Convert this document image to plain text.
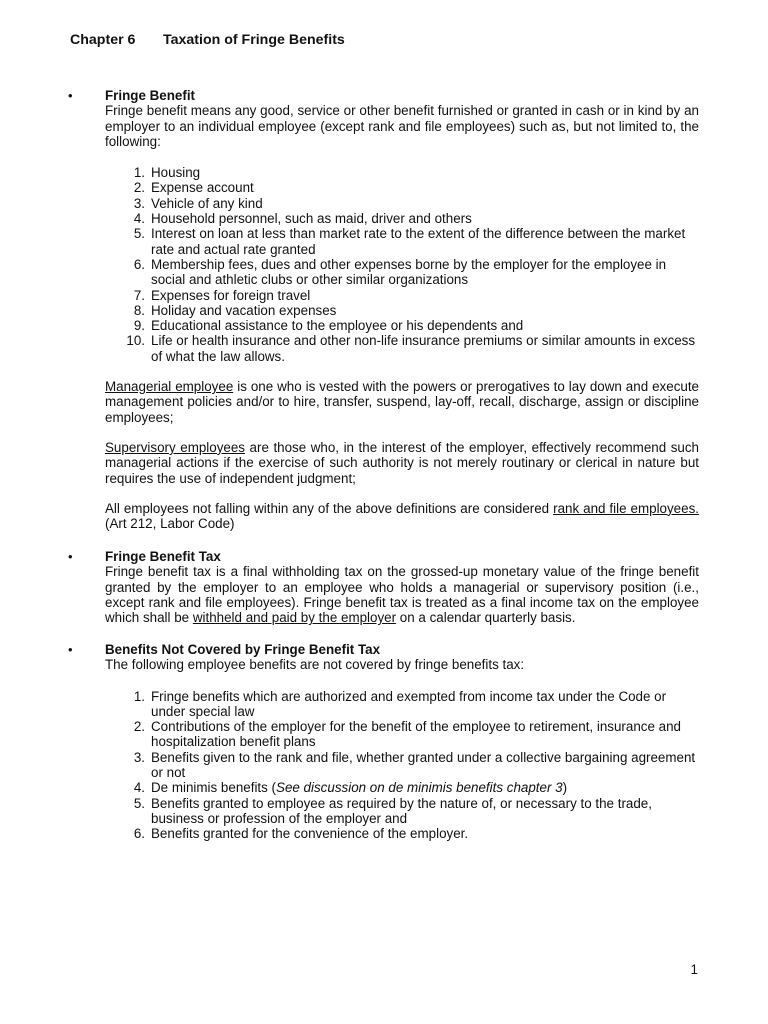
Chapter 6 Taxation of Fringe Benefits
• Fringe Benefit
Fringe benefit means any good, service or other benefit furnished or granted in cash or in kind by an employer to an individual employee (except rank and file employees) such as, but not limited to, the following:
1. Housing
2. Expense account
3. Vehicle of any kind
4. Household personnel, such as maid, driver and others
5. Interest on loan at less than market rate to the extent of the difference between the market rate and actual rate granted
6. Membership fees, dues and other expenses borne by the employer for the employee in social and athletic clubs or other similar organizations
7. Expenses for foreign travel
8. Holiday and vacation expenses
9. Educational assistance to the employee or his dependents and
10. Life or health insurance and other non-life insurance premiums or similar amounts in excess of what the law allows.
Managerial employee is one who is vested with the powers or prerogatives to lay down and execute management policies and/or to hire, transfer, suspend, lay-off, recall, discharge, assign or discipline employees;
Supervisory employees are those who, in the interest of the employer, effectively recommend such managerial actions if the exercise of such authority is not merely routinary or clerical in nature but requires the use of independent judgment;
All employees not falling within any of the above definitions are considered rank and file employees. (Art 212, Labor Code)
• Fringe Benefit Tax
Fringe benefit tax is a final withholding tax on the grossed-up monetary value of the fringe benefit granted by the employer to an employee who holds a managerial or supervisory position (i.e., except rank and file employees). Fringe benefit tax is treated as a final income tax on the employee which shall be withheld and paid by the employer on a calendar quarterly basis.
• Benefits Not Covered by Fringe Benefit Tax
The following employee benefits are not covered by fringe benefits tax:
1. Fringe benefits which are authorized and exempted from income tax under the Code or under special law
2. Contributions of the employer for the benefit of the employee to retirement, insurance and hospitalization benefit plans
3. Benefits given to the rank and file, whether granted under a collective bargaining agreement or not
4. De minimis benefits (See discussion on de minimis benefits chapter 3)
5. Benefits granted to employee as required by the nature of, or necessary to the trade, business or profession of the employer and
6. Benefits granted for the convenience of the employer.
1
